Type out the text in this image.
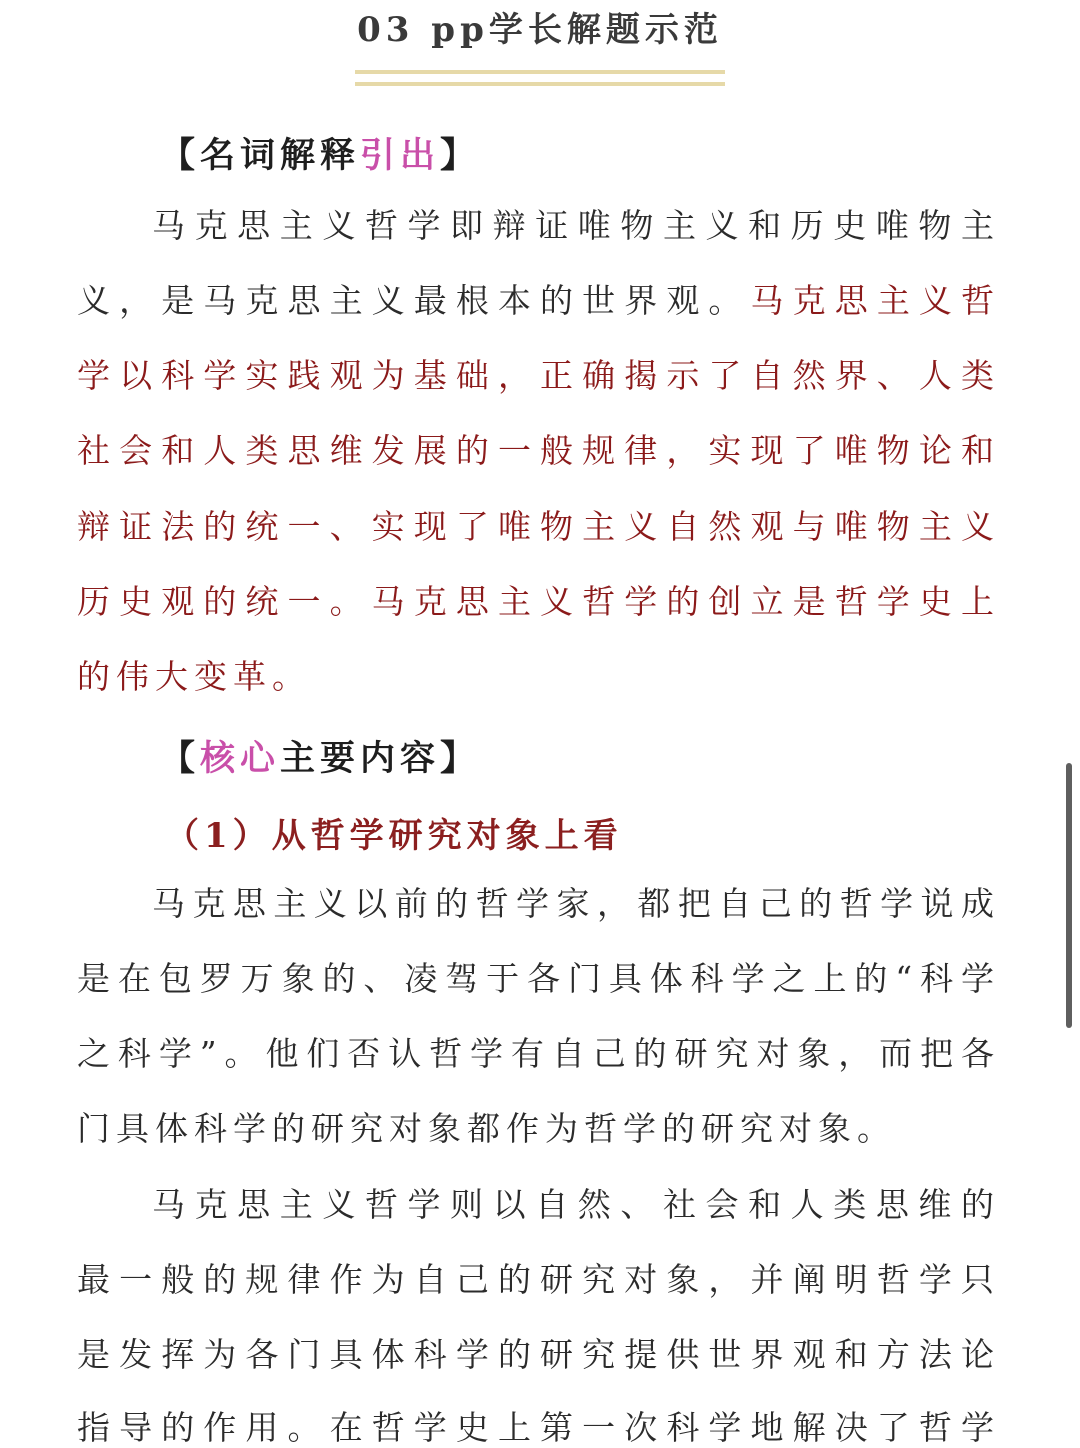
03 pp学长解题示范
【名词解释引出】
马克思主义哲学即辩证唯物主义和历史唯物主
义，是马克思主义最根本的世界观。马克思主义哲
学以科学实践观为基础，正确揭示了自然界、人类
社会和人类思维发展的一般规律，实现了唯物论和
辩证法的统一、实现了唯物主义自然观与唯物主义
历史观的统一。马克思主义哲学的创立是哲学史上
的伟大变革。
【核心主要内容】
（1）从哲学研究对象上看
马克思主义以前的哲学家，都把自己的哲学说成
是在包罗万象的、凌驾于各门具体科学之上的“科学
之科学”。他们否认哲学有自己的研究对象，而把各
门具体科学的研究对象都作为哲学的研究对象。
马克思主义哲学则以自然、社会和人类思维的
最一般的规律作为自己的研究对象，并阐明哲学只
是发挥为各门具体科学的研究提供世界观和方法论
指导的作用。在哲学史上第一次科学地解决了哲学
